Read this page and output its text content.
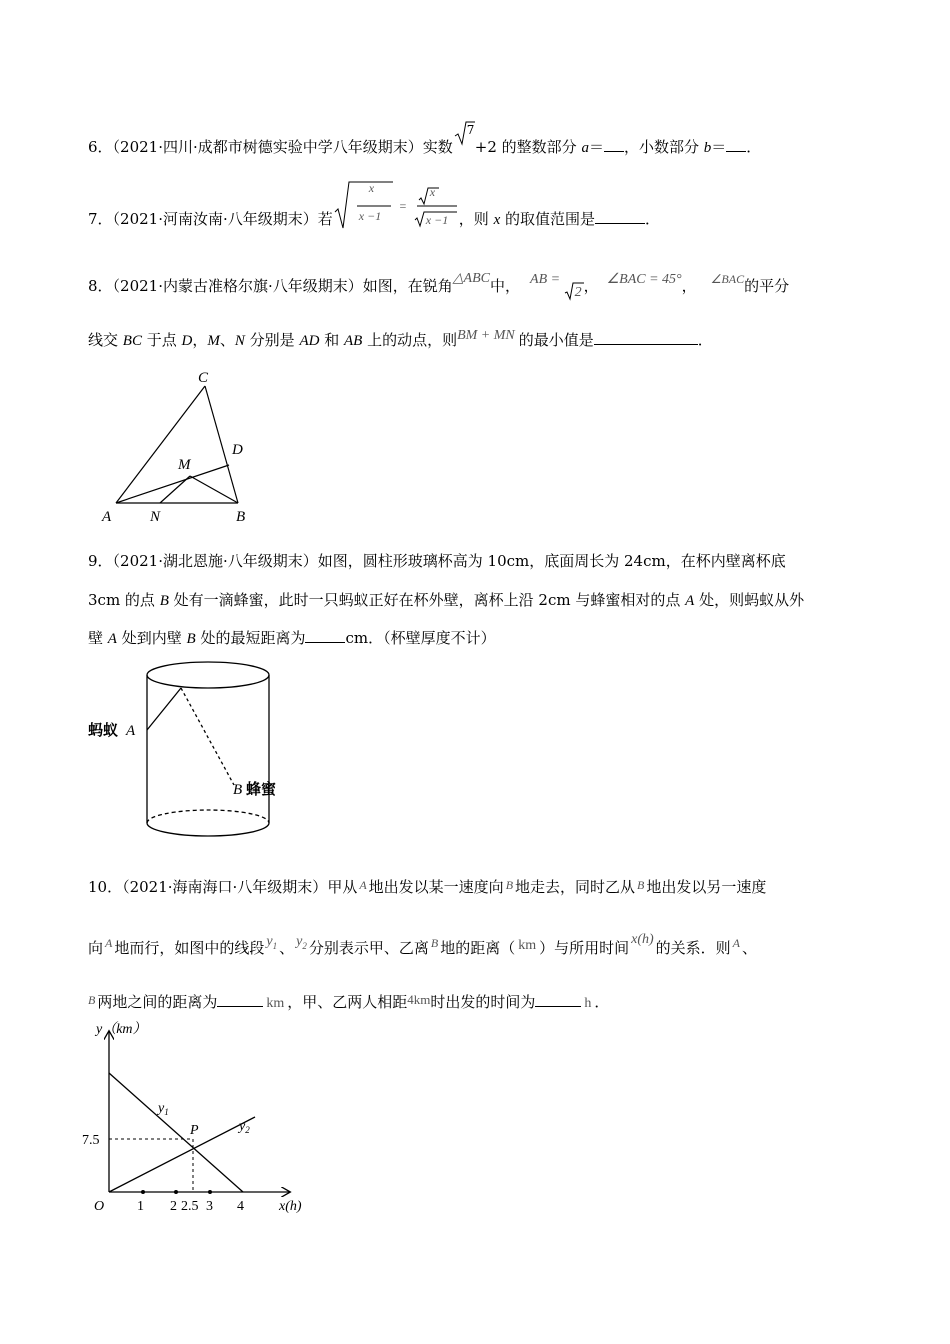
6．（2021·四川·成都市树德实验中学八年级期末）实数
7
+2 的整数部分 a＝ ，小数部分 b＝ ．
7．（2021·河南汝南·八年级期末）若
x
x −1
=
x
x −1 ，则 x 的取值范围是	．
8．（2021·内蒙古准格尔旗·八年级期末）如图，在锐角△ABC中， AB =
2 ， ∠BAC = 45°， $^{\angle BAC}$的平分
线交 BC 于点 D，M、N 分别是 AD 和 AB 上的动点，则BM + MN 的最小值是	．
C
D
M
A	N	B
9．（2021·湖北恩施·八年级期末）如图，圆柱形玻璃杯高为 10cm，底面周长为 24cm，在杯内壁离杯底
3cm 的点 B 处有一滴蜂蜜，此时一只蚂蚁正好在杯外壁，离杯上沿 2cm 与蜂蜜相对的点 A 处，则蚂蚁从外
壁 A 处到内壁 B 处的最短距离为	cm．（杯壁厚度不计）
蚂蚁 A
B 蜂蜜
10．（2021·海南海口·八年级期末）甲从 $^A$ 地出发以某一速度向 $^B$ 地走去，同时乙从 $^B$ 地出发以另一速度
向 $^A$ 地而行，如图中的线段 $y_1$ 、 $y_2$ 分别表示甲、乙离 $^B$ 地的距离（ km ）与所用时间 x(h) 的关系．则 $^A$ 、
$^B$ 两地之间的距离为	km ，甲、乙两人相距4km时出发的时间为	h ．
y（km）
$y_1$
$y_2$
P
7.5
O 1 2 2.5 3 4	x(h)
